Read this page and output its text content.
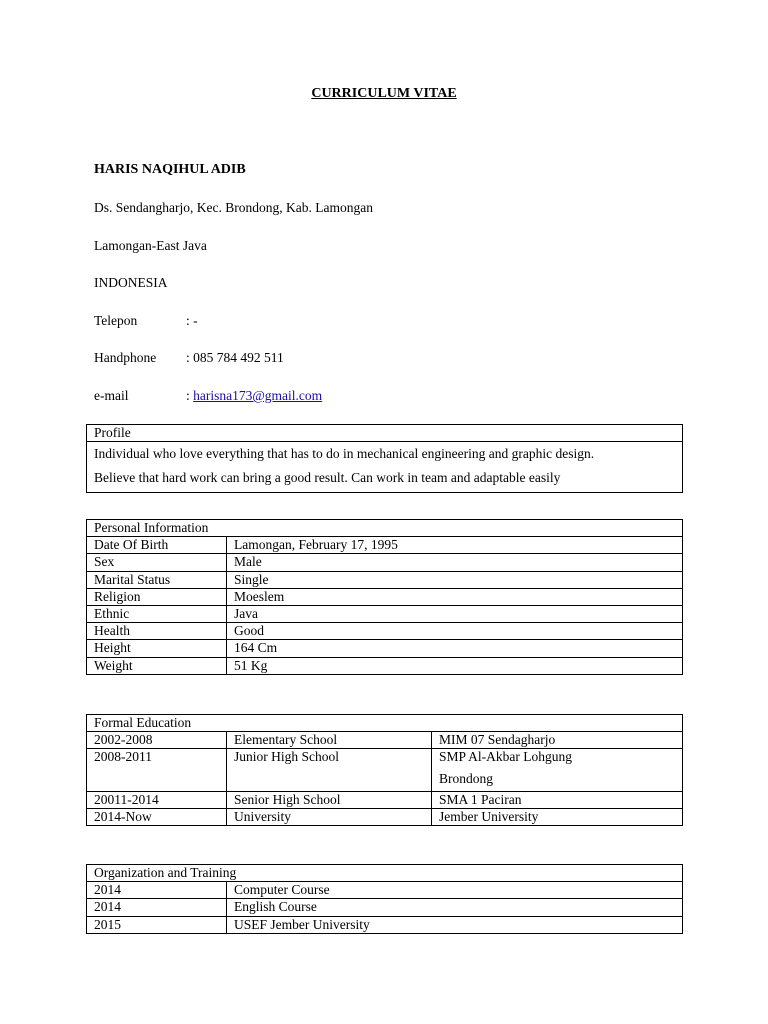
CURRICULUM VITAE
HARIS NAQIHUL ADIB
Ds. Sendangharjo, Kec. Brondong, Kab. Lamongan
Lamongan-East Java
INDONESIA
Telepon	: -
Handphone : 085 784 492 511
e-mail	: harisna173@gmail.com
Profile

Individual who love everything that has to do in mechanical engineering and graphic design.
Believe that hard work can bring a good result. Can work in team and adaptable easily
Personal Information	
Date Of Birth	Lamongan, February 17, 1995
Sex	Male
Marital Status	Single
Religion	Moeslem
Ethnic	Java
Health	Good
Height	164 Cm
Weight	51 Kg
Formal Education		
2002-2008	Elementary School	MIM 07 Sendagharjo
2008-2011	Junior High School	SMP Al-Akbar Lohgung
Brondong

20011-2014	Senior High School	SMA 1 Paciran
2014-Now	University	Jember University
Organization and Training	
2014	Computer Course
2014	English Course
2015	USEF Jember University
